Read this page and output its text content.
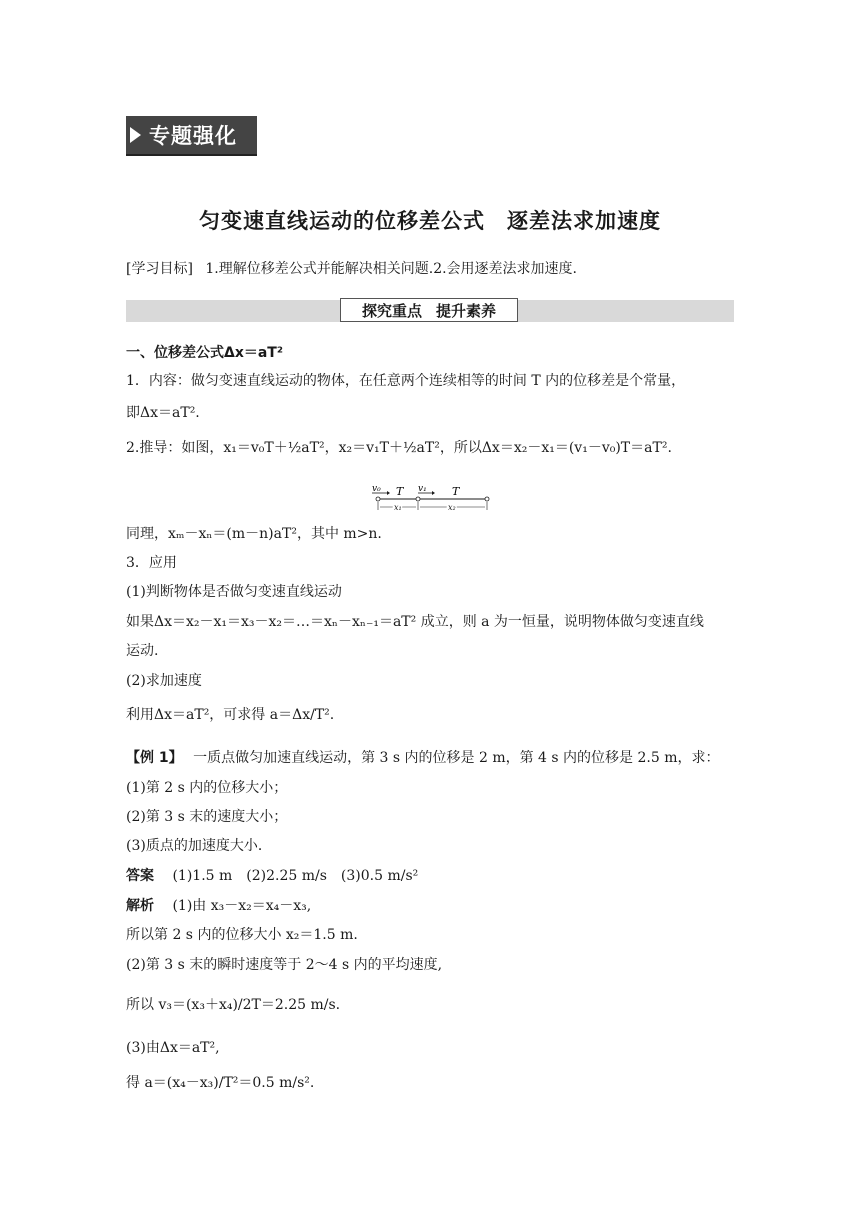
专题强化
匀变速直线运动的位移差公式　逐差法求加速度
[学习目标] 1.理解位移差公式并能解决相关问题.2.会用逐差法求加速度.
探究重点 提升素养
一、位移差公式Δx＝aT²
1．内容：做匀变速直线运动的物体，在任意两个连续相等的时间 T 内的位移差是个常量，
即Δx＝aT².
2.推导：如图，x₁＝v₀T＋½aT²，x₂＝v₁T＋½aT²，所以Δx＝x₂－x₁＝(v₁－v₀)T＝aT².
v₀ T v₁ T
x₁	x₂
同理，xₘ－xₙ＝(m－n)aT²，其中 m>n.
3．应用
(1)判断物体是否做匀变速直线运动
如果Δx＝x₂－x₁＝x₃－x₂＝…＝xₙ－xₙ₋₁＝aT² 成立，则 a 为一恒量，说明物体做匀变速直线
运动.
(2)求加速度
利用Δx＝aT²，可求得 a＝Δx/T².
【例 1】 一质点做匀加速直线运动，第 3 s 内的位移是 2 m，第 4 s 内的位移是 2.5 m，求：
(1)第 2 s 内的位移大小；
(2)第 3 s 末的速度大小；
(3)质点的加速度大小．
答案 (1)1.5 m　(2)2.25 m/s　(3)0.5 m/s²
解析 (1)由 x₃－x₂＝x₄－x₃,
所以第 2 s 内的位移大小 x₂＝1.5 m.
(2)第 3 s 末的瞬时速度等于 2～4 s 内的平均速度,
所以 v₃＝(x₃＋x₄)/2T＝2.25 m/s.
(3)由Δx＝aT²,
得 a＝(x₄－x₃)/T²＝0.5 m/s².
